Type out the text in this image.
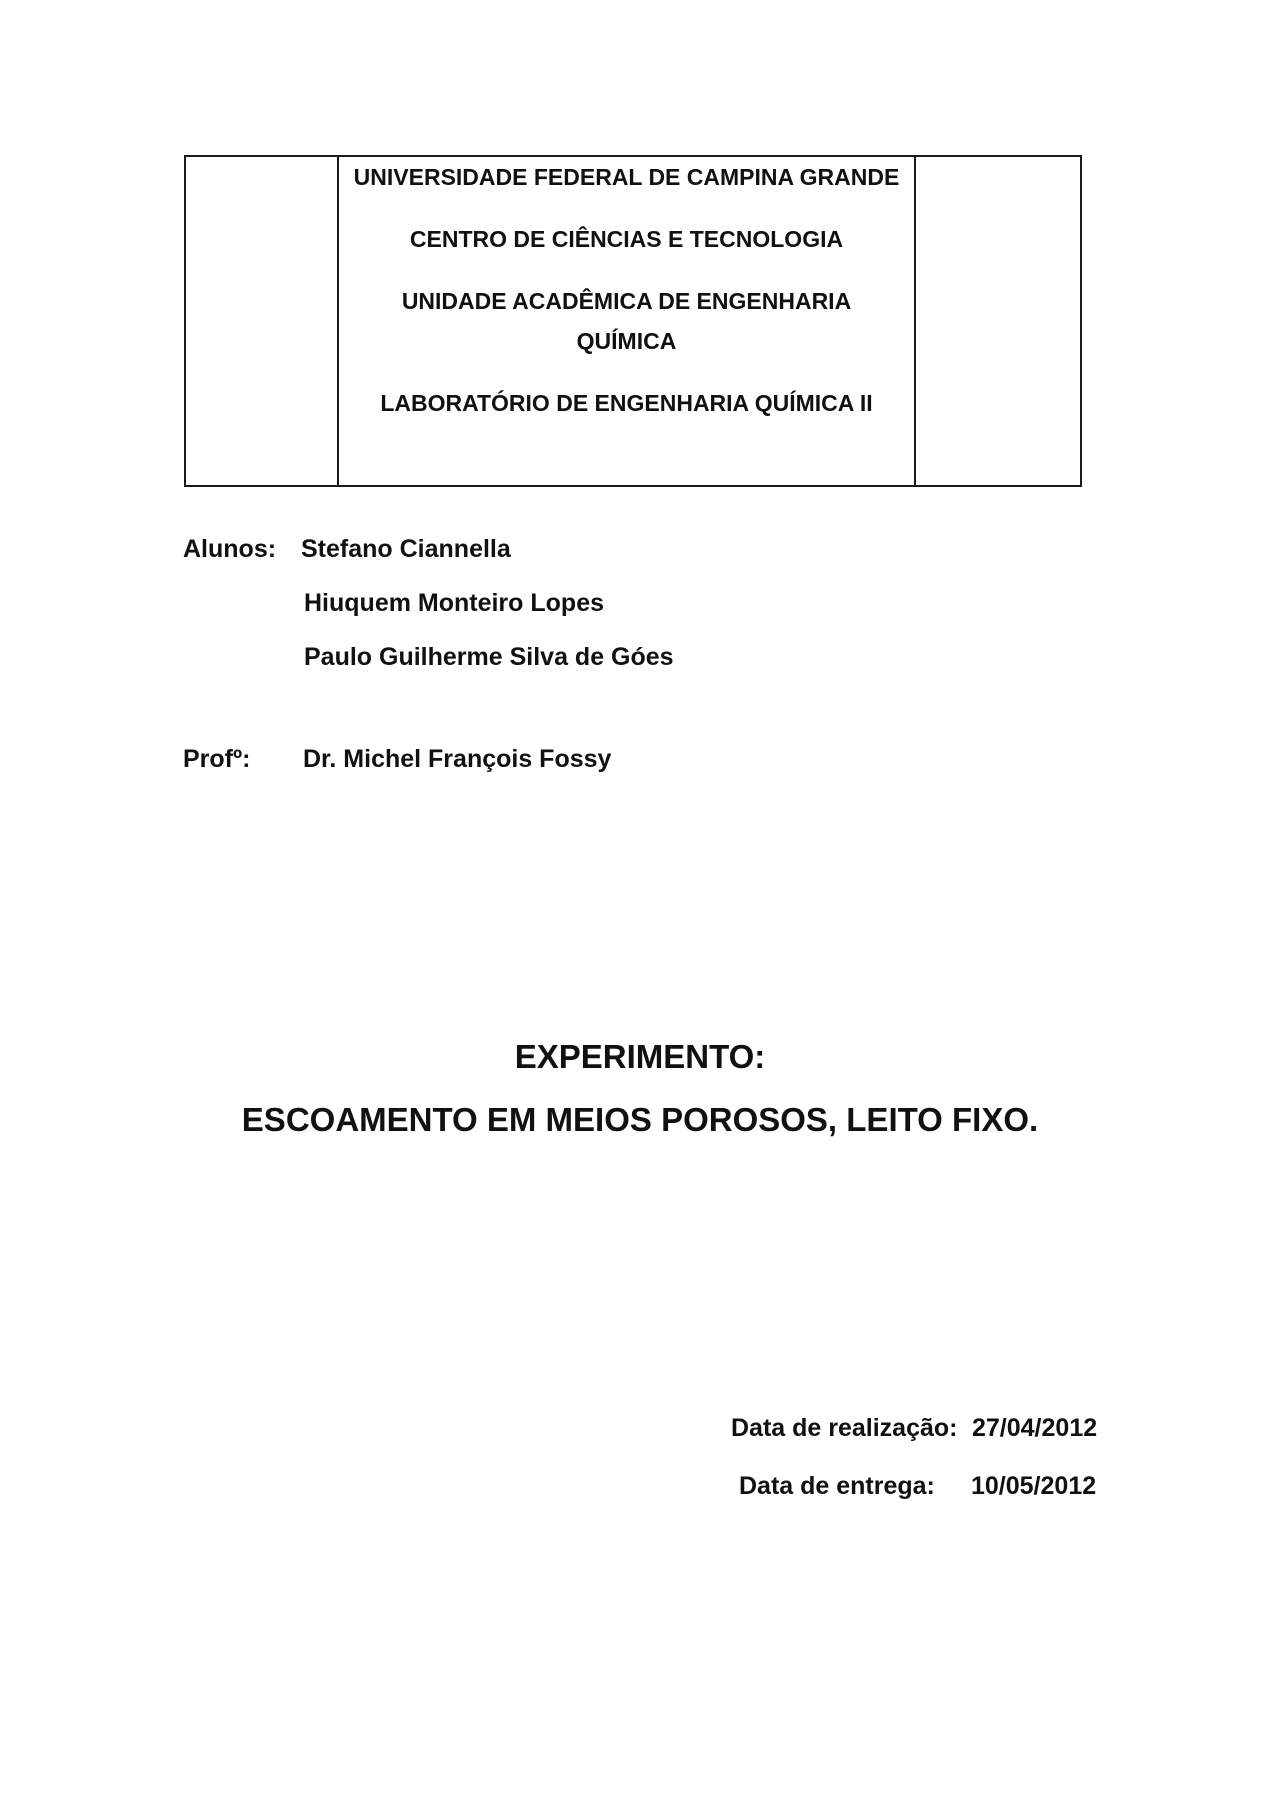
UNIVERSIDADE FEDERAL DE CAMPINA GRANDE
CENTRO DE CIÊNCIAS E TECNOLOGIA
UNIDADE ACADÊMICA DE ENGENHARIA
QUÍMICA
LABORATÓRIO DE ENGENHARIA QUÍMICA II
Alunos: Stefano Ciannella
Hiuquem Monteiro Lopes
Paulo Guilherme Silva de Góes
Profº: Dr. Michel François Fossy
EXPERIMENTO:
ESCOAMENTO EM MEIOS POROSOS, LEITO FIXO.
Data de realização: 27/04/2012
Data de entrega: 10/05/2012
